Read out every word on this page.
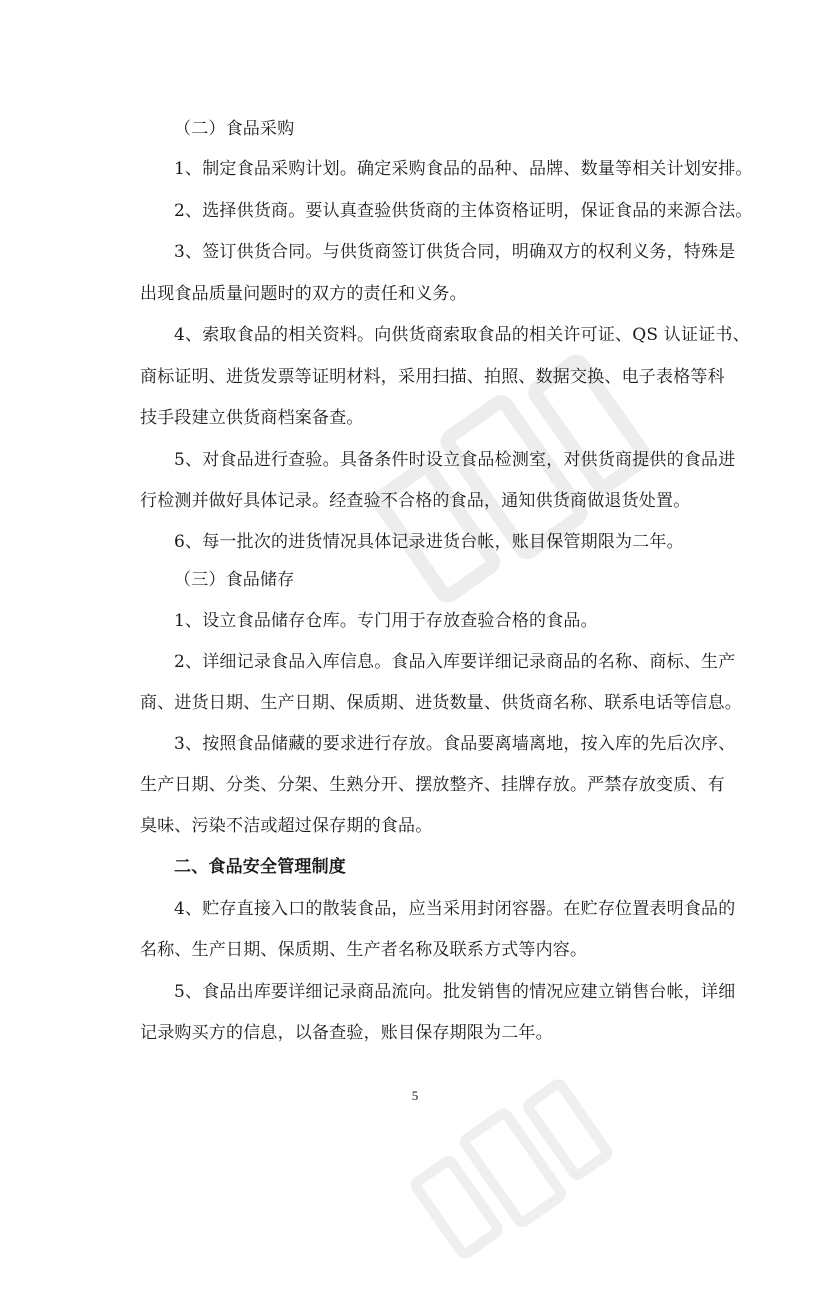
（二）食品采购
1、制定食品采购计划。确定采购食品的品种、品牌、数量等相关计划安排。
2、选择供货商。要认真查验供货商的主体资格证明，保证食品的来源合法。
3、签订供货合同。与供货商签订供货合同，明确双方的权利义务，特殊是
出现食品质量问题时的双方的责任和义务。
4、索取食品的相关资料。向供货商索取食品的相关许可证、QS 认证证书、
商标证明、进货发票等证明材料，采用扫描、拍照、数据交换、电子表格等科
技手段建立供货商档案备查。
5、对食品进行查验。具备条件时设立食品检测室，对供货商提供的食品进
行检测并做好具体记录。经查验不合格的食品，通知供货商做退货处置。
6、每一批次的进货情况具体记录进货台帐，账目保管期限为二年。
（三）食品储存
1、设立食品储存仓库。专门用于存放查验合格的食品。
2、详细记录食品入库信息。食品入库要详细记录商品的名称、商标、生产
商、进货日期、生产日期、保质期、进货数量、供货商名称、联系电话等信息。
3、按照食品储藏的要求进行存放。食品要离墙离地，按入库的先后次序、
生产日期、分类、分架、生熟分开、摆放整齐、挂牌存放。严禁存放变质、有
臭味、污染不洁或超过保存期的食品。
二、食品安全管理制度
4、贮存直接入口的散装食品，应当采用封闭容器。在贮存位置表明食品的
名称、生产日期、保质期、生产者名称及联系方式等内容。
5、食品出库要详细记录商品流向。批发销售的情况应建立销售台帐，详细
记录购买方的信息，以备查验，账目保存期限为二年。
5
